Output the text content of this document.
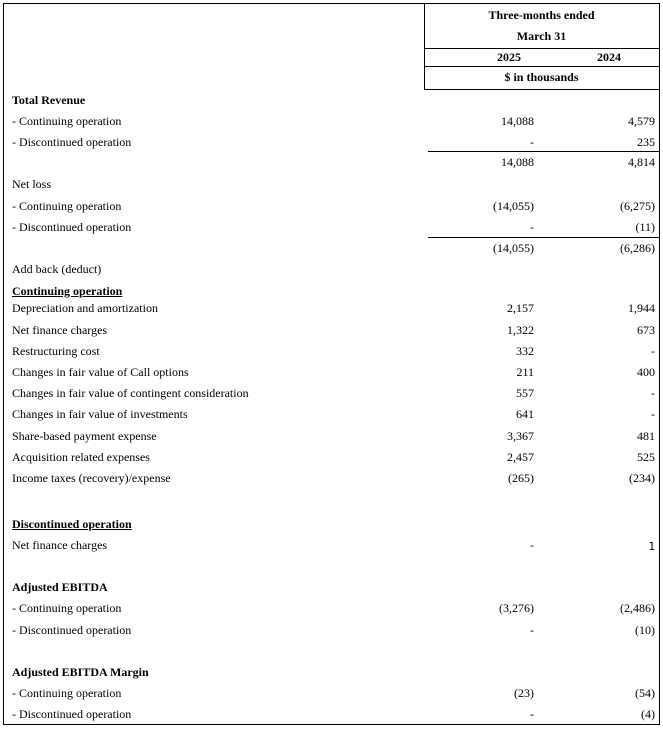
Three-months ended
March 31
2025	2024
$ in thousands
Total Revenue
- Continuing operation	14,088	4,579
- Discontinued operation	-	235
14,088	4,814
Net loss
- Continuing operation	(14,055)	(6,275)
- Discontinued operation	-	(11)
(14,055)	(6,286)
Add back (deduct)
Continuing operation
Depreciation and amortization	2,157	1,944
Net finance charges	1,322	673
Restructuring cost	332	-
Changes in fair value of Call options	211	400
Changes in fair value of contingent consideration	557	-
Changes in fair value of investments	641	-
Share-based payment expense	3,367	481
Acquisition related expenses	2,457	525
Income taxes (recovery)/expense	(265)	(234)
Discontinued operation
Net finance charges	-	1
Adjusted EBITDA
- Continuing operation	(3,276)	(2,486)
- Discontinued operation	-	(10)
Adjusted EBITDA Margin
- Continuing operation	(23)	(54)
- Discontinued operation	-	(4)
